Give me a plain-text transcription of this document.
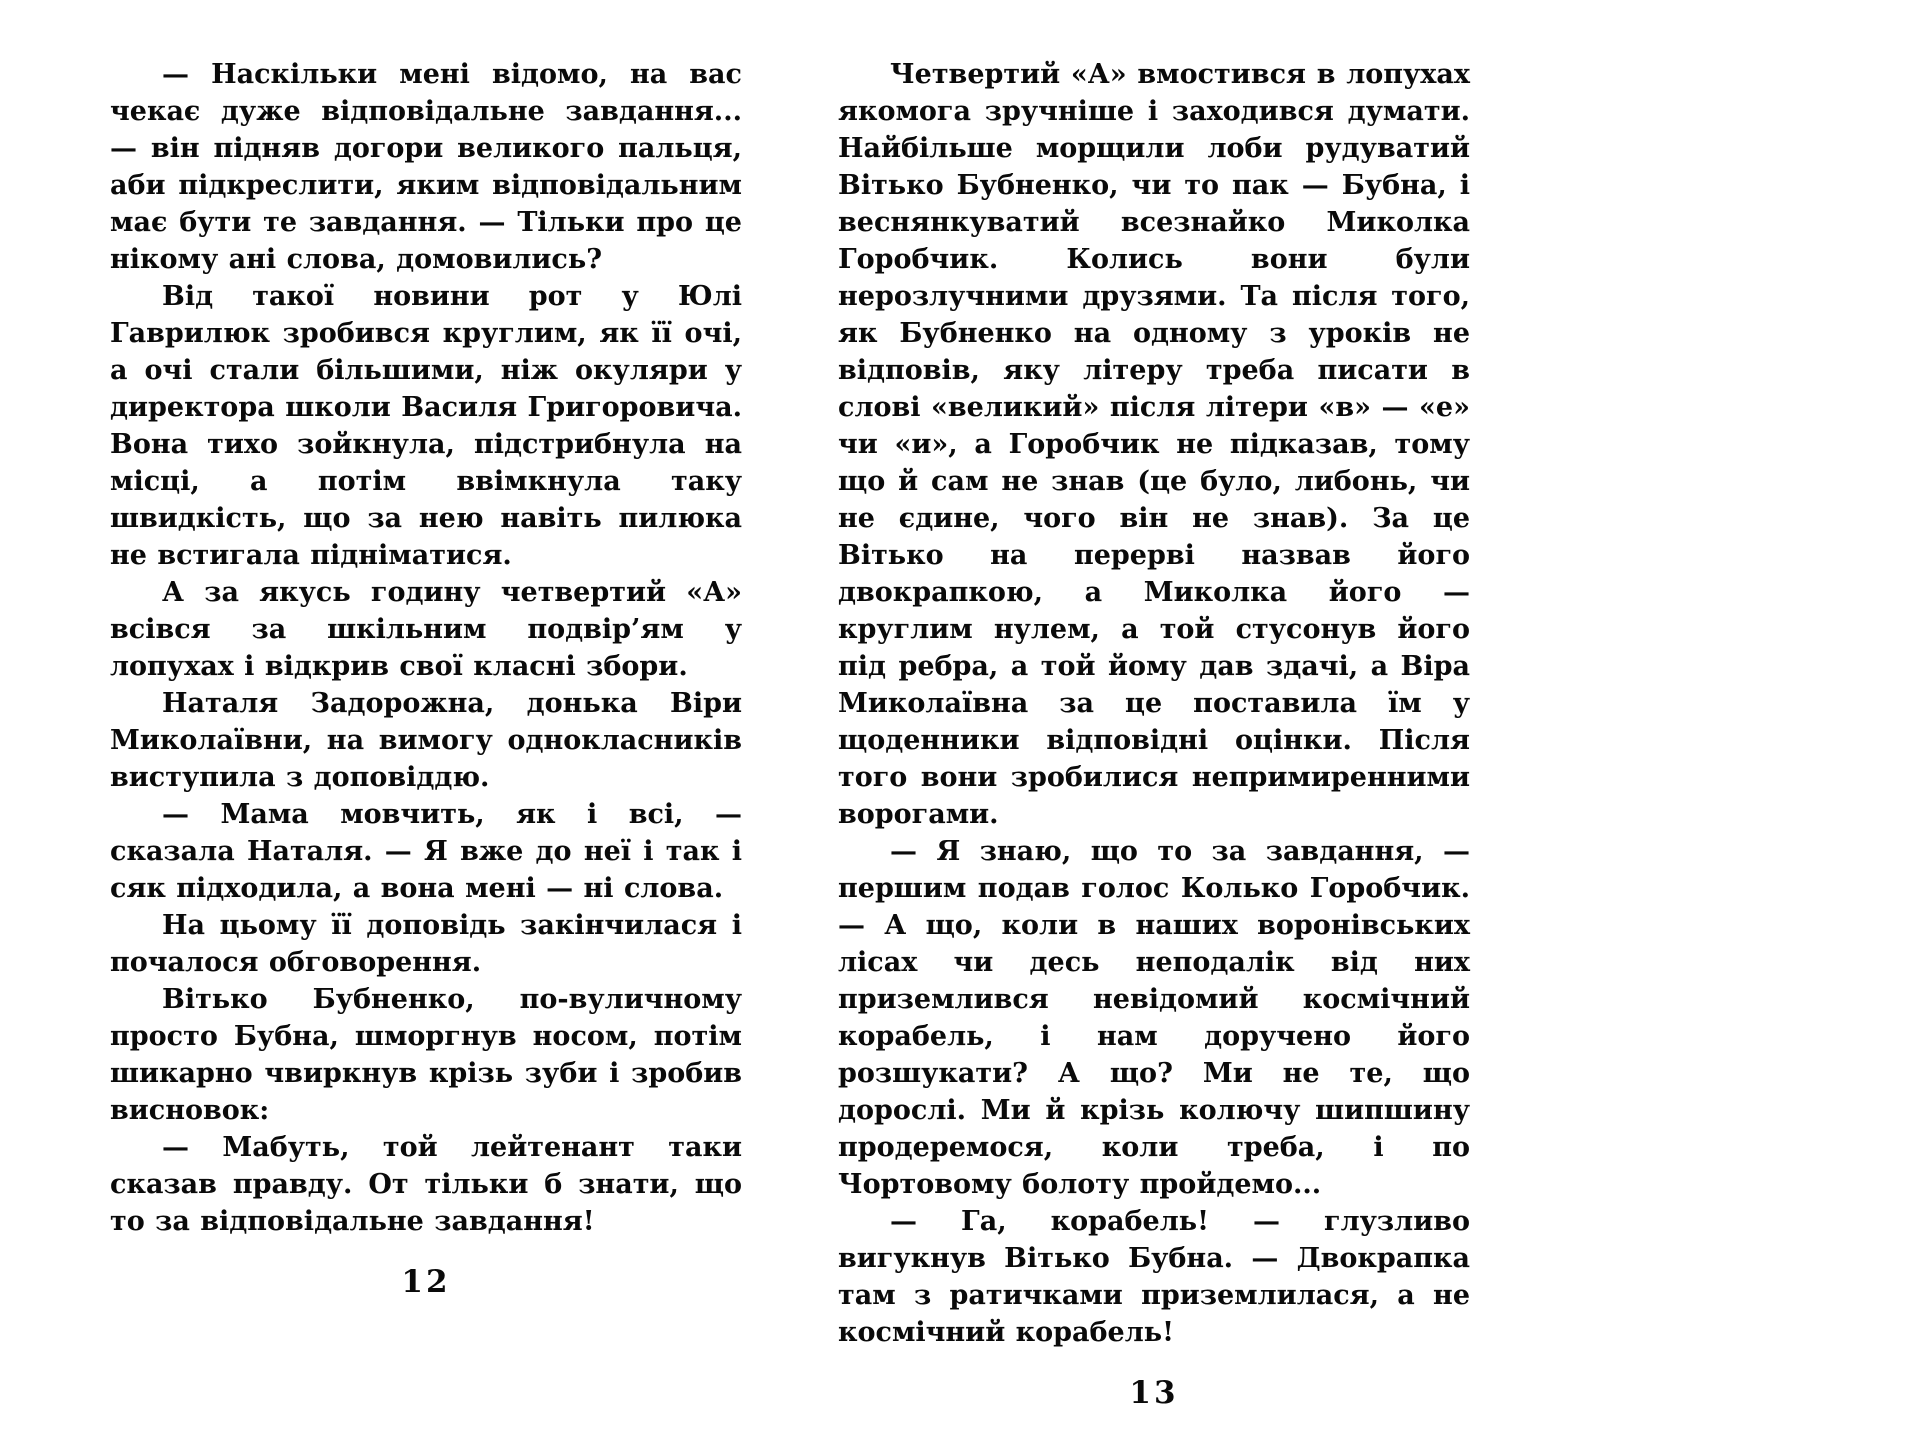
— Наскільки мені відомо, на вас чекає дуже відповідальне завдання... — він підняв догори великого пальця, аби підкреслити, яким відповідальним має бути те завдання. — Тільки про це нікому ані слова, домовились?

Від такої новини рот у Юлі Гаврилюк зробився круглим, як її очі, а очі стали більшими, ніж окуляри у директора школи Василя Григоровича. Вона тихо зойкнула, підстрибнула на місці, а потім ввімкнула таку швидкість, що за нею навіть пилюка не встигала підніматися.

А за якусь годину четвертий «А» всівся за шкільним подвір’ям у лопухах і відкрив свої класні збори.

Наталя Задорожна, донька Віри Миколаївни, на вимогу однокласників виступила з доповіддю.

— Мама мовчить, як і всі, — сказала Наталя. — Я вже до неї і так і сяк підходила, а вона мені — ні слова.

На цьому її доповідь закінчилася і почалося обговорення.

Вітько Бубненко, по-вуличному просто Бубна, шморгнув носом, потім шикарно чвиркнув крізь зуби і зробив висновок:

— Мабуть, той лейтенант таки сказав правду. От тільки б знати, що то за відповідальне завдання!

12

Четвертий «А» вмостився в лопухах якомога зручніше і заходився думати. Найбільше морщили лоби рудуватий Вітько Бубненко, чи то пак — Бубна, і веснянкуватий всезнайко Миколка Горобчик. Колись вони були нерозлучними друзями. Та після того, як Бубненко на одному з уроків не відповів, яку літеру треба писати в слові «великий» після літери «в» — «е» чи «и», а Горобчик не підказав, тому що й сам не знав (це було, либонь, чи не єдине, чого він не знав). За це Вітько на перерві назвав його двокрапкою, а Миколка його — круглим нулем, а той стусонув його під ребра, а той йому дав здачі, а Віра Миколаївна за це поставила їм у щоденники відповідні оцінки. Після того вони зробилися непримиренними ворогами.

— Я знаю, що то за завдання, — першим подав голос Колько Горобчик. — А що, коли в наших воронівських лісах чи десь неподалік від них приземлився невідомий космічний корабель, і нам доручено його розшукати? А що? Ми не те, що дорослі. Ми й крізь колючу шипшину продеремося, коли треба, і по Чортовому болоту пройдемо...

— Га, корабель! — глузливо вигукнув Вітько Бубна. — Двокрапка там з ратичками приземлилася, а не космічний корабель!

13
